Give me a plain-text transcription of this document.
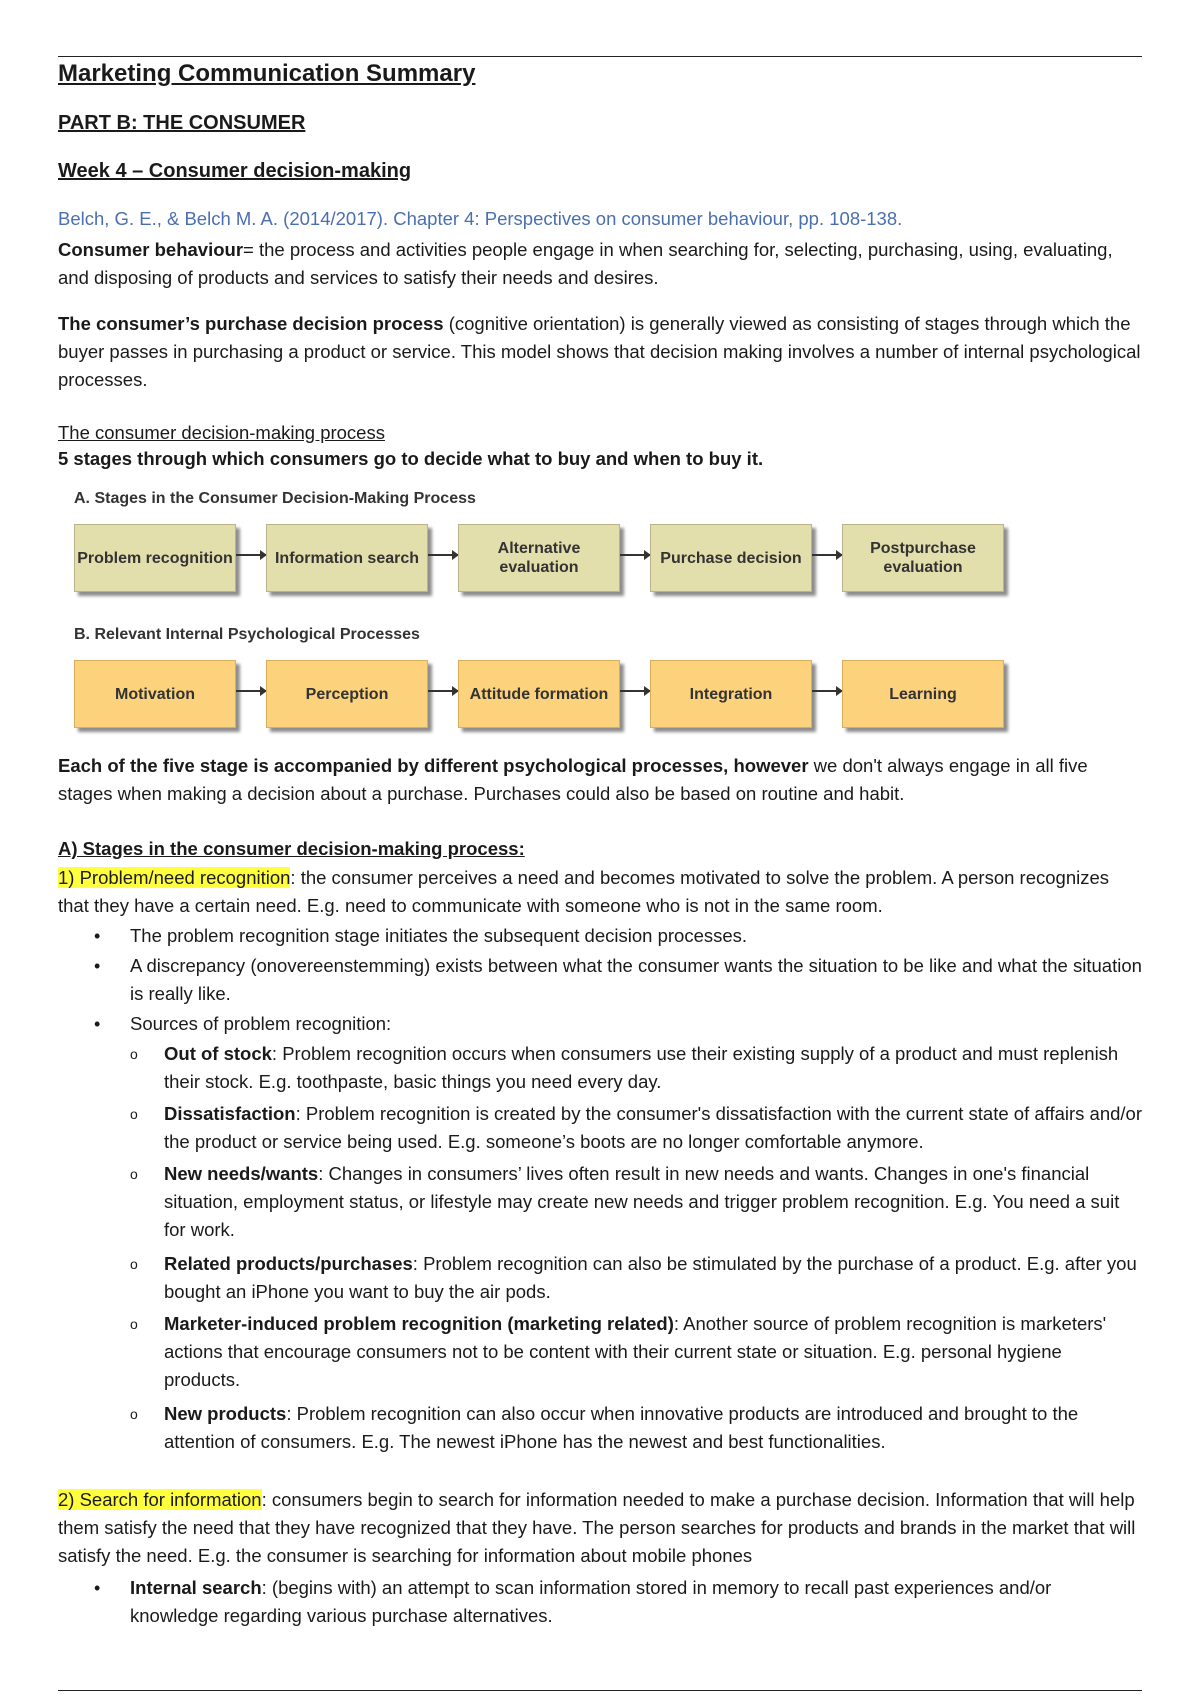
Marketing Communication Summary
PART B: THE CONSUMER
Week 4 – Consumer decision-making
Belch, G. E., & Belch M. A. (2014/2017). Chapter 4: Perspectives on consumer behaviour, pp. 108-138.

Consumer behaviour= the process and activities people engage in when searching for, selecting, purchasing, using, evaluating, and disposing of products and services to satisfy their needs and desires.

The consumer’s purchase decision process (cognitive orientation) is generally viewed as consisting of stages through which the buyer passes in purchasing a product or service. This model shows that decision making involves a number of internal psychological processes.

The consumer decision-making process
5 stages through which consumers go to decide what to buy and when to buy it.
A. Stages in the Consumer Decision-Making Process
Problem recognition	Information search
Alternative evaluation
Purchase decision
Postpurchase evaluation
B. Relevant Internal Psychological Processes
Motivation	Perception	Attitude formation	Integration	Learning

Each of the five stage is accompanied by different psychological processes, however we don't always engage in all five stages when making a decision about a purchase. Purchases could also be based on routine and habit.

A) Stages in the consumer decision-making process:

1) Problem/need recognition: the consumer perceives a need and becomes motivated to solve the problem. A person recognizes that they have a certain need. E.g. need to communicate with someone who is not in the same room.

• The problem recognition stage initiates the subsequent decision processes.
• A discrepancy (onovereenstemming) exists between what the consumer wants the situation to be like and what the situation is really like.
• Sources of problem recognition:
o Out of stock: Problem recognition occurs when consumers use their existing supply of a product and must replenish their stock. E.g. toothpaste, basic things you need every day.
o Dissatisfaction: Problem recognition is created by the consumer's dissatisfaction with the current state of affairs and/or the product or service being used. E.g. someone’s boots are no longer comfortable anymore.
o New needs/wants: Changes in consumers’ lives often result in new needs and wants. Changes in one's financial situation, employment status, or lifestyle may create new needs and trigger problem recognition. E.g. You need a suit for work.
o Related products/purchases: Problem recognition can also be stimulated by the purchase of a product. E.g. after you bought an iPhone you want to buy the air pods.
o Marketer-induced problem recognition (marketing related): Another source of problem recognition is marketers' actions that encourage consumers not to be content with their current state or situation. E.g. personal hygiene products.
o New products: Problem recognition can also occur when innovative products are introduced and brought to the attention of consumers. E.g. The newest iPhone has the newest and best functionalities.

2) Search for information: consumers begin to search for information needed to make a purchase decision. Information that will help them satisfy the need that they have recognized that they have. The person searches for products and brands in the market that will satisfy the need. E.g. the consumer is searching for information about mobile phones

• Internal search: (begins with) an attempt to scan information stored in memory to recall past experiences and/or knowledge regarding various purchase alternatives.
